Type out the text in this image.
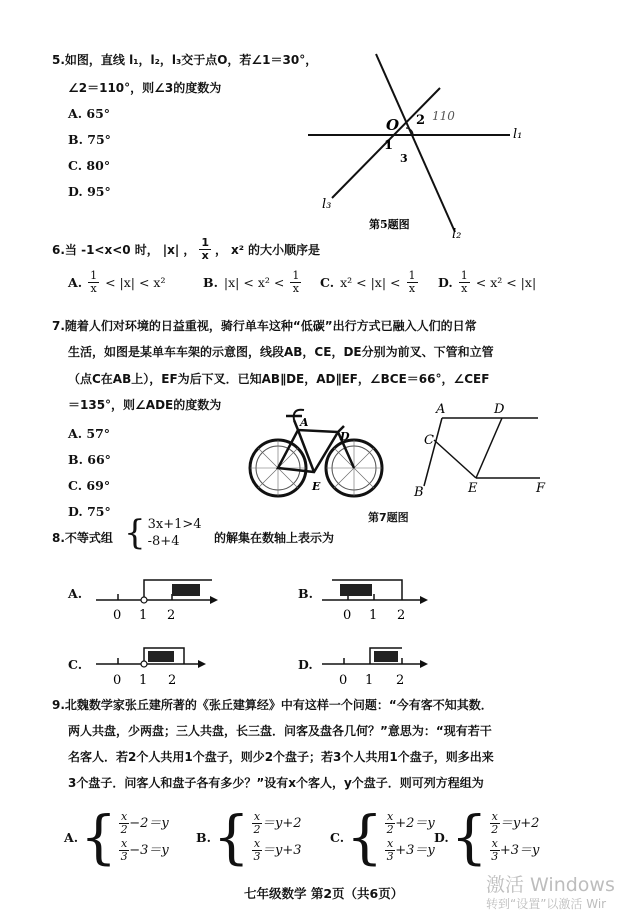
5.如图，直线 l₁，l₂，l₃交于点O，若∠1＝30°，
∠2＝110°，则∠3的度数为
A. 65°
B. 75°
C. 80°
D. 95°
O 2 110
1
3
l₁
l₂
l₃
第5题图
6.当 -1<x<0 时， |x| ， $\frac{1}{x}$ ， x² 的大小顺序是
A. $\frac{1}{x} < |x| < x^2$	B. $|x| < x^2 < \frac{1}{x} C$. $x^2 < |x| < \frac{1}{x} D$. $\frac{1}{x} < x^2 < |x|$
7.随着人们对环境的日益重视，骑行单车这种“低碳”出行方式已融入人们的日常
生活，如图是某单车车架的示意图，线段AB，CE，DE分别为前叉、下管和立管
（点C在AB上），EF为后下叉．已知AB∥DE，AD∥EF，∠BCE＝66°，∠CEF
＝135°，则∠ADE的度数为
A. 57°
B. 66°
C. 69°
D. 75°
A
D
E
A	D
C
B	E	F
第7题图
8.不等式组 { 3x+1>4
-8+4	的解集在数轴上表示为
A.
0 1 2
B.
0 1 2
C.
0 1 2
D.
0 1 2
9.北魏数学家张丘建所著的《张丘建算经》中有这样一个问题：“今有客不知其数．
两人共盘，少两盘；三人共盘，长三盘．问客及盘各几何？”意思为：“现有若干
名客人．若2个人共用1个盘子，则少2个盘子；若3个人共用1个盘子，则多出来
3个盘子．问客人和盘子各有多少？”设有x个客人，y个盘子．则可列方程组为
A. { $\frac{x}{2} -2=y$
$\frac{x}{3} -3=y$
B. { $\frac{x}{2} =y+2$
$\frac{x}{3} =y+3$
C. { $\frac{x}{2} +2=y$
$\frac{x}{3} +3=y$
D. { $\frac{x}{2} =y+2$
$\frac{x}{3} +3=y$
七年级数学 第2页（共6页）	激活 Windows
转到“设置”以激活 Wir
